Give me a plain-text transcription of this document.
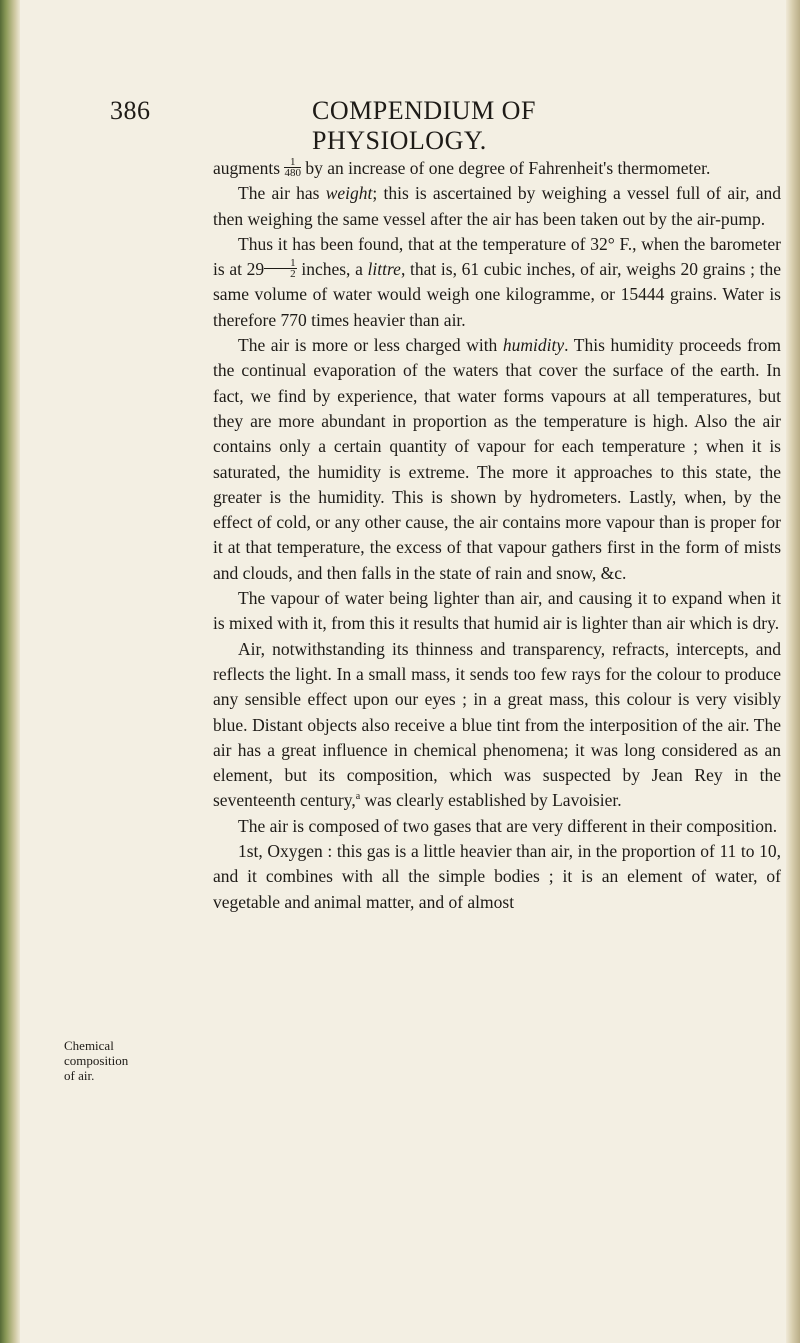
386	COMPENDIUM OF PHYSIOLOGY.

augments $\frac{1}{480}$ by an increase of one degree of Fahrenheit's thermometer.

The air has weight; this is ascertained by weighing a vessel full of air, and then weighing the same vessel after the air has been taken out by the air-pump.

Thus it has been found, that at the temperature of 32° F., when the barometer is at $29 \frac{1}{2}$ inches, a littre, that is, 61 cubic inches, of air, weighs 20 grains ; the same volume of water would weigh one kilogramme, or 15444 grains. Water is therefore 770 times heavier than air.

The air is more or less charged with humidity. This humidity proceeds from the continual evaporation of the waters that cover the surface of the earth. In fact, we find by experience, that water forms vapours at all temperatures, but they are more abundant in proportion as the temperature is high. Also the air contains only a certain quantity of vapour for each temperature ; when it is saturated, the humidity is extreme. The more it approaches to this state, the greater is the humidity. This is shown by hydrometers. Lastly, when, by the effect of cold, or any other cause, the air contains more vapour than is proper for it at that temperature, the excess of that vapour gathers first in the form of mists and clouds, and then falls in the state of rain and snow, &c.

The vapour of water being lighter than air, and causing it to expand when it is mixed with it, from this it results that humid air is lighter than air which is dry.

Air, notwithstanding its thinness and transparency, refracts, intercepts, and reflects the light. In a small mass, it sends too few rays for the colour to produce any sensible effect upon our eyes ; in a great mass, this colour is very visibly blue. Distant objects also receive a blue tint from the interposition of the air. The air has a great influence in chemical phenomena; it was long considered as an element, but its composition, which was suspected by Jean Rey in the seventeenth century,$^a$ was clearly established by Lavoisier.

The air is composed of two gases that are very different in their composition.

1st, Oxygen : this gas is a little heavier than air, in the proportion of 11 to 10, and it combines with all the simple bodies ; it is an element of water, of vegetable and animal matter, and of almost

Chemical
composition
of air.
